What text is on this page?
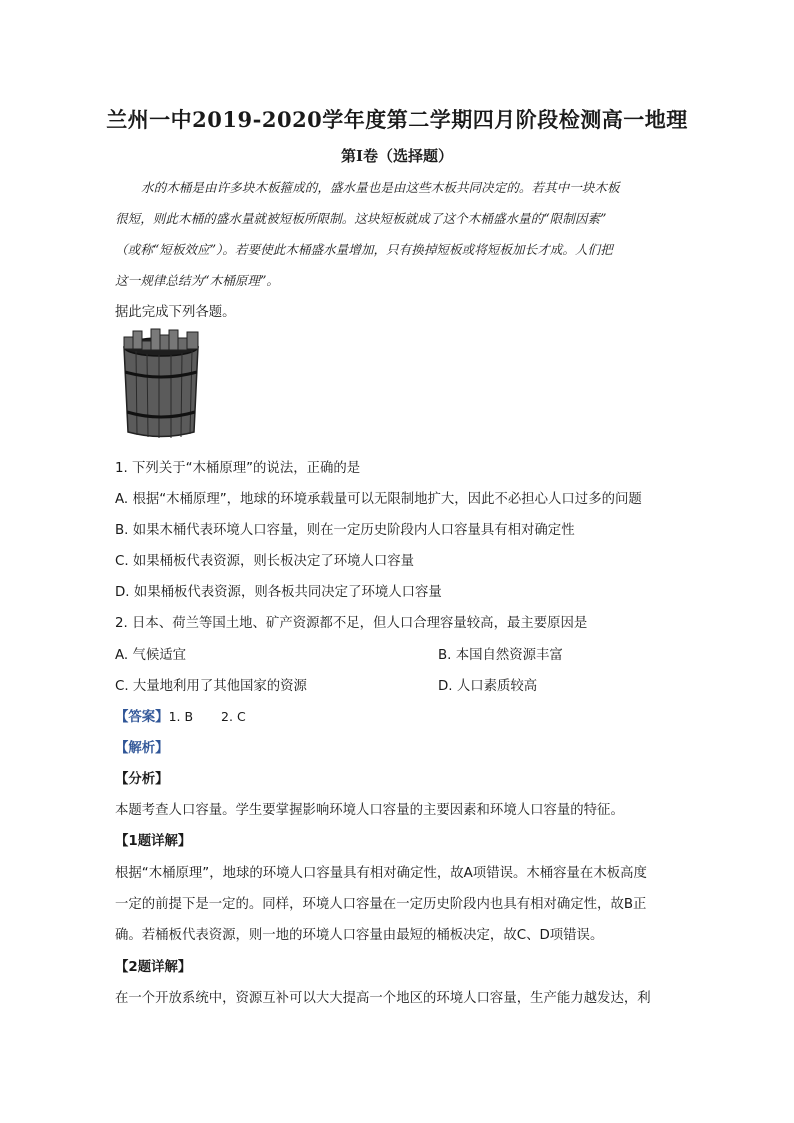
兰州一中2019-2020学年度第二学期四月阶段检测高一地理
第Ⅰ卷（选择题）
水的木桶是由许多块木板箍成的，盛水量也是由这些木板共同决定的。若其中一块木板
很短，则此木桶的盛水量就被短板所限制。这块短板就成了这个木桶盛水量的“限制因素”
（或称“短板效应”）。若要使此木桶盛水量增加，只有换掉短板或将短板加长才成。人们把
这一规律总结为“木桶原理”。
据此完成下列各题。
1. 下列关于“木桶原理”的说法，正确的是
A. 根据“木桶原理”，地球的环境承载量可以无限制地扩大，因此不必担心人口过多的问题
B. 如果木桶代表环境人口容量，则在一定历史阶段内人口容量具有相对确定性
C. 如果桶板代表资源，则长板决定了环境人口容量
D. 如果桶板代表资源，则各板共同决定了环境人口容量
2. 日本、荷兰等国土地、矿产资源都不足，但人口合理容量较高，最主要原因是
A. 气候适宜	B. 本国自然资源丰富
C. 大量地利用了其他国家的资源	D. 人口素质较高
【答案】1. B 2. C
【解析】
【分析】
本题考查人口容量。学生要掌握影响环境人口容量的主要因素和环境人口容量的特征。
【1题详解】
根据“木桶原理”，地球的环境人口容量具有相对确定性，故A项错误。木桶容量在木板高度
一定的前提下是一定的。同样，环境人口容量在一定历史阶段内也具有相对确定性，故B正
确。若桶板代表资源，则一地的环境人口容量由最短的桶板决定，故C、D项错误。
【2题详解】
在一个开放系统中，资源互补可以大大提高一个地区的环境人口容量，生产能力越发达，利
